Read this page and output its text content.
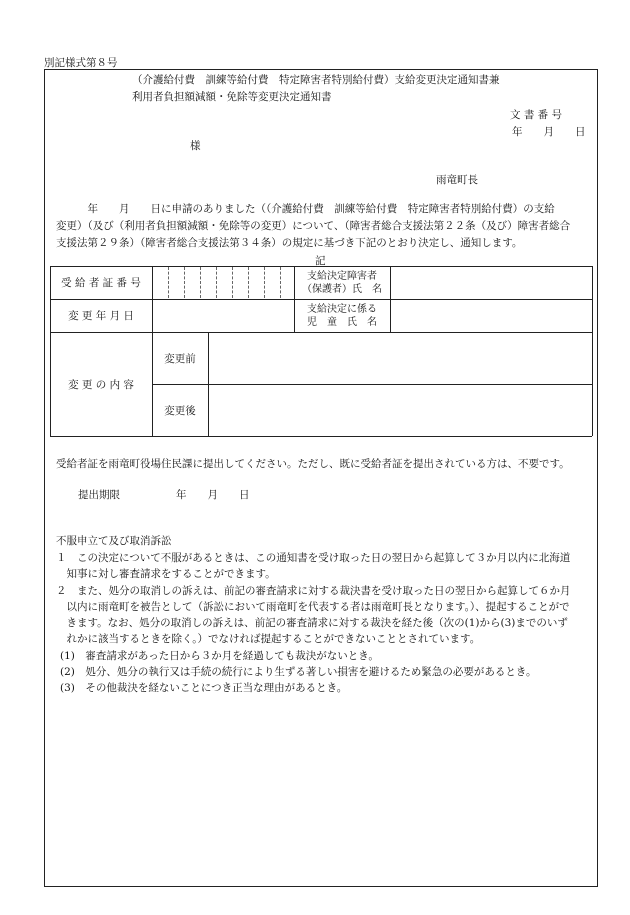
別記様式第８号
（介護給付費　訓練等給付費　特定障害者特別給付費）支給変更決定通知書兼
利用者負担額減額・免除等変更決定通知書
文 書 番 号
年　　月　　日
様
雨竜町長
　　　年　　月　　日に申請のありました（（介護給付費　訓練等給付費　特定障害者特別給付費）の支給
変更）（及び（利用者負担額減額・免除等の変更）について、（障害者総合支援法第２２条（及び）障害者総合
支援法第２９条）（障害者総合支援法第３４条）の規定に基づき下記のとおり決定し、通知します。
記
受 給 者 証 番 号
支給決定障害者
（保護者）氏　名
変 更 年 月 日
支給決定に係る
児　童　氏　名
変 更 の 内 容
変更前
変更後
受給者証を雨竜町役場住民課に提出してください。ただし、既に受給者証を提出されている方は、不要です。
提出期限	年　　月　　日
不服申立て及び取消訴訟
１　この決定について不服があるときは、この通知書を受け取った日の翌日から起算して３か月以内に北海道
　知事に対し審査請求をすることができます。
２　また、処分の取消しの訴えは、前記の審査請求に対する裁決書を受け取った日の翌日から起算して６か月
　以内に雨竜町を被告として（訴訟において雨竜町を代表する者は雨竜町長となります。）、提起することがで
　きます。なお、処分の取消しの訴えは、前記の審査請求に対する裁決を経た後（次の(1)から(3)までのいず
　れかに該当するときを除く。）でなければ提起することができないこととされています。
(1)　審査請求があった日から３か月を経過しても裁決がないとき。
(2)　処分、処分の執行又は手続の続行により生ずる著しい損害を避けるため緊急の必要があるとき。
(3)　その他裁決を経ないことにつき正当な理由があるとき。
